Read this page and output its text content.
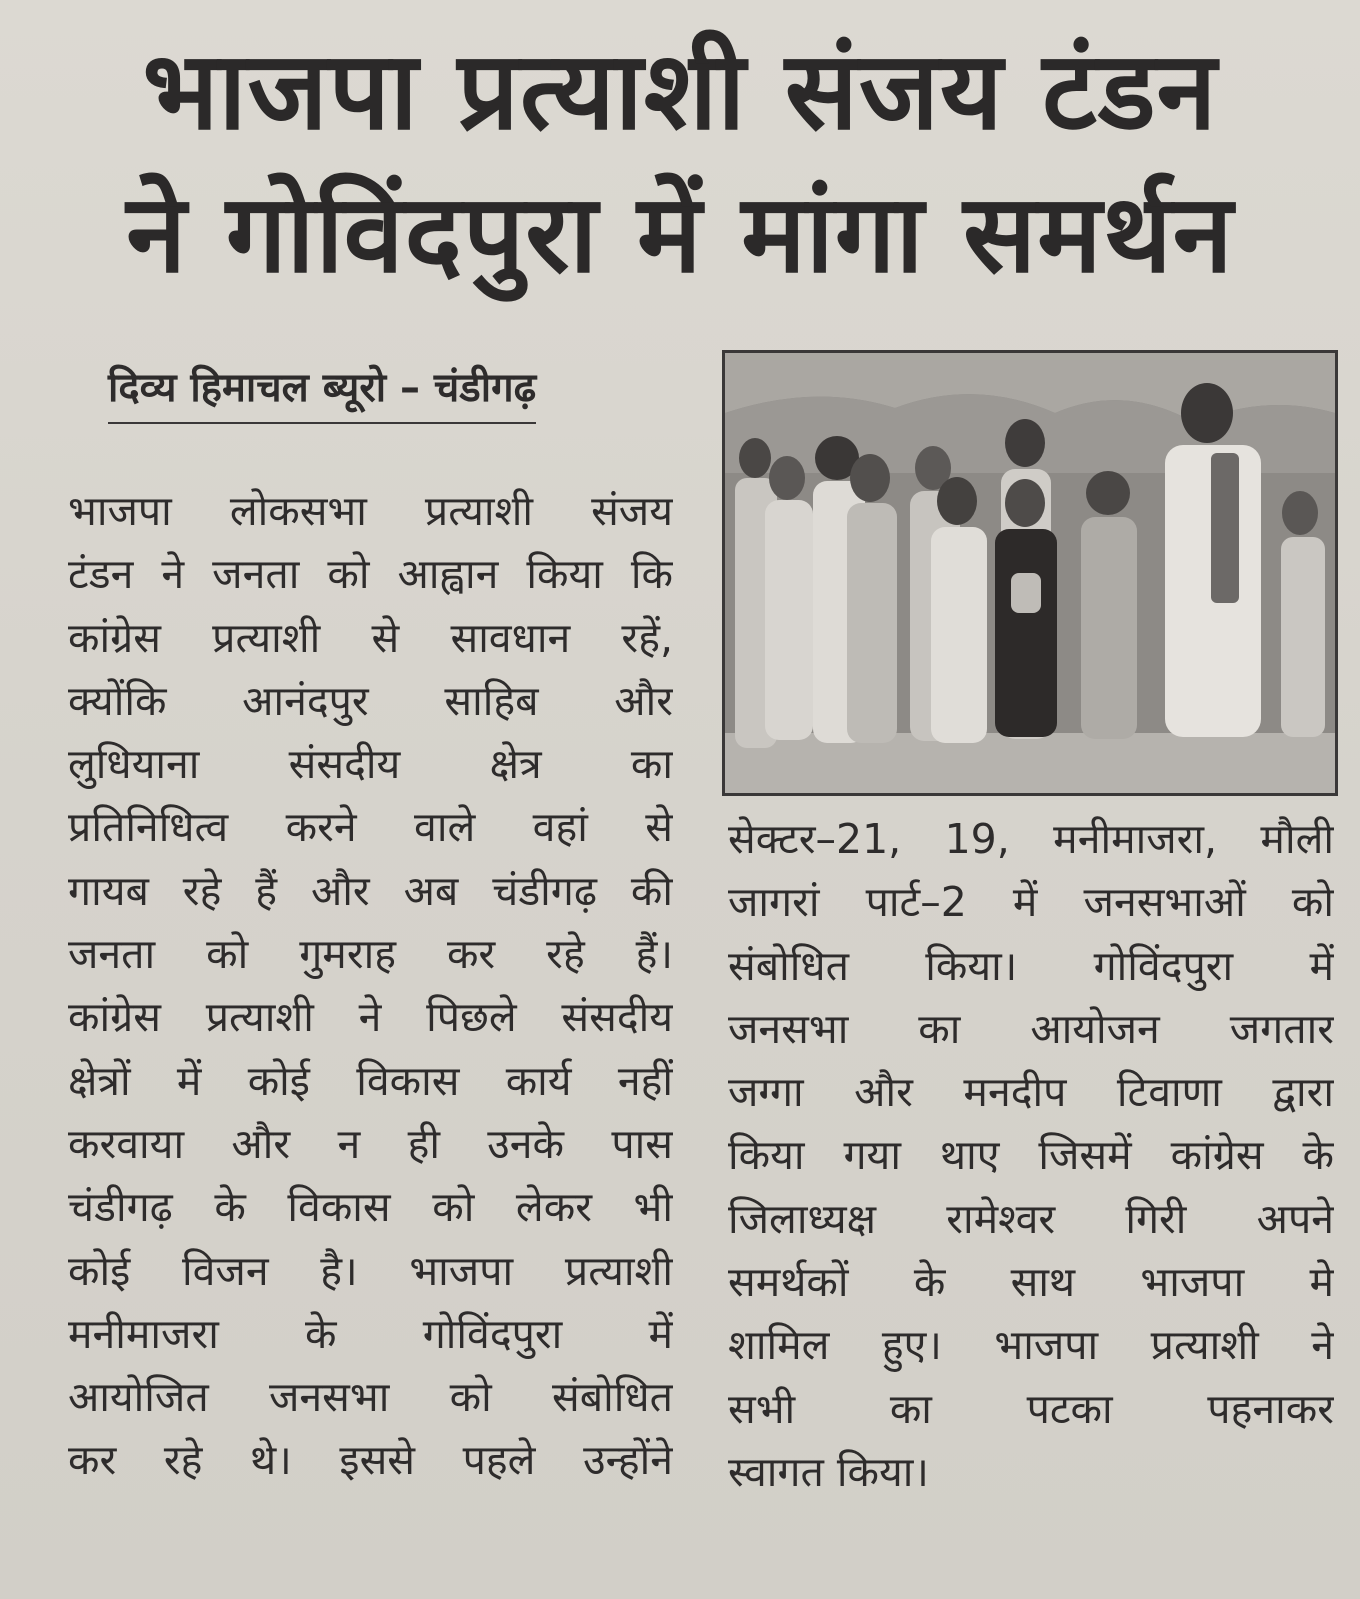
भाजपा प्रत्याशी संजय टंडन
ने गोविंदपुरा में मांगा समर्थन
दिव्य हिमाचल ब्यूरो – चंडीगढ़
भाजपा लोकसभा प्रत्याशी संजय
टंडन ने जनता को आह्वान किया कि
कांग्रेस प्रत्याशी से सावधान रहें,
क्योंकि आनंदपुर साहिब और
लुधियाना संसदीय क्षेत्र का
प्रतिनिधित्व करने वाले वहां से
गायब रहे हैं और अब चंडीगढ़ की
जनता को गुमराह कर रहे हैं।
कांग्रेस प्रत्याशी ने पिछले संसदीय
क्षेत्रों में कोई विकास कार्य नहीं
करवाया और न ही उनके पास
चंडीगढ़ के विकास को लेकर भी
कोई विजन है। भाजपा प्रत्याशी
मनीमाजरा के गोविंदपुरा में
आयोजित जनसभा को संबोधित
कर रहे थे। इससे पहले उन्होंने
सेक्टर–21, 19, मनीमाजरा, मौली
जागरां पार्ट–2 में जनसभाओं को
संबोधित किया। गोविंदपुरा में
जनसभा का आयोजन जगतार
जग्गा और मनदीप टिवाणा द्वारा
किया गया थाए जिसमें कांग्रेस के
जिलाध्यक्ष रामेश्वर गिरी अपने
समर्थकों के साथ भाजपा मे
शामिल हुए। भाजपा प्रत्याशी ने
सभी का पटका पहनाकर
स्वागत किया।
